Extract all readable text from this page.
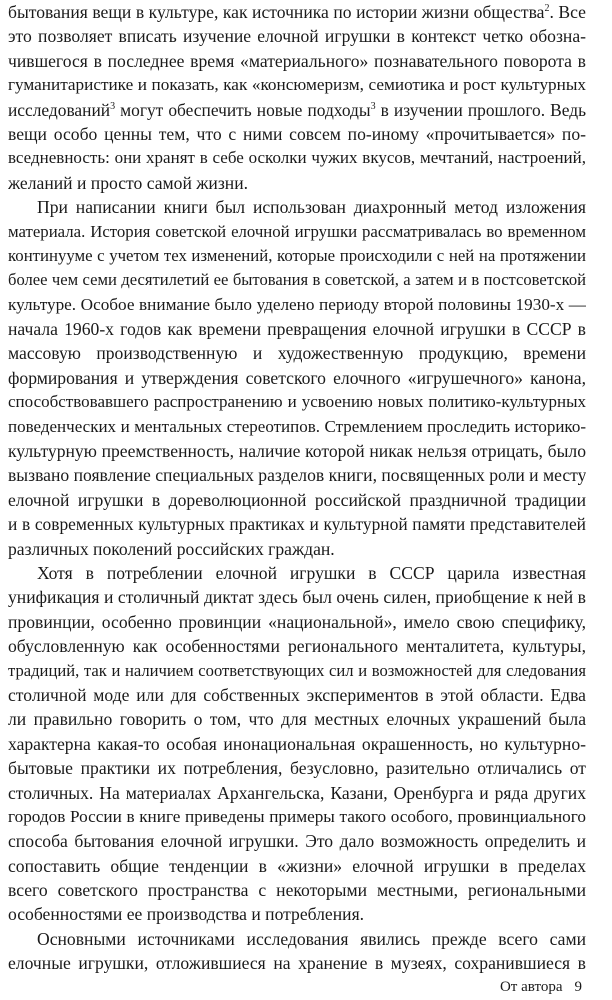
бытования вещи в культуре, как источника по истории жизни общества$^2$. Все
это позволяет вписать изучение елочной игрушки в контекст четко обозна-
чившегося в последнее время «материального» познавательного поворота в
гуманитаристике и показать, как «консюмеризм, семиотика и рост культурных
исследований$^3$ могут обеспечить новые подходы$^3$ в изучении прошлого. Ведь
вещи особо ценны тем, что с ними совсем по-иному «прочитывается» по-
вседневность: они хранят в себе осколки чужих вкусов, мечтаний, настроений,
желаний и просто самой жизни.
При написании книги был использован диахронный метод изложения
материала. История советской елочной игрушки рассматривалась во временном
континууме с учетом тех изменений, которые происходили с ней на протяжении
более чем семи десятилетий ее бытования в советской, а затем и в постсоветской
культуре. Особое внимание было уделено периоду второй половины 1930-х —
начала 1960-х годов как времени превращения елочной игрушки в СССР в
массовую производственную и художественную продукцию, времени
формирования и утверждения советского елочного «игрушечного» канона,
способствовавшего распространению и усвоению новых политико-культурных
поведенческих и ментальных стереотипов. Стремлением проследить историко-
культурную преемственность, наличие которой никак нельзя отрицать, было
вызвано появление специальных разделов книги, посвященных роли и месту
елочной игрушки в дореволюционной российской праздничной традиции
и в современных культурных практиках и культурной памяти представителей
различных поколений российских граждан.
Хотя в потреблении елочной игрушки в СССР царила известная
унификация и столичный диктат здесь был очень силен, приобщение к ней в
провинции, особенно провинции «национальной», имело свою специфику,
обусловленную как особенностями регионального менталитета, культуры,
традиций, так и наличием соответствующих сил и возможностей для следования
столичной моде или для собственных экспериментов в этой области. Едва
ли правильно говорить о том, что для местных елочных украшений была
характерна какая-то особая инонациональная окрашенность, но культурно-
бытовые практики их потребления, безусловно, разительно отличались от
столичных. На материалах Архангельска, Казани, Оренбурга и ряда других
городов России в книге приведены примеры такого особого, провинциального
способа бытования елочной игрушки. Это дало возможность определить и
сопоставить общие тенденции в «жизни» елочной игрушки в пределах
всего советского пространства с некоторыми местными, региональными
особенностями ее производства и потребления.
Основными источниками исследования явились прежде всего сами
елочные игрушки, отложившиеся на хранение в музеях, сохранившиеся в
От автора 9
